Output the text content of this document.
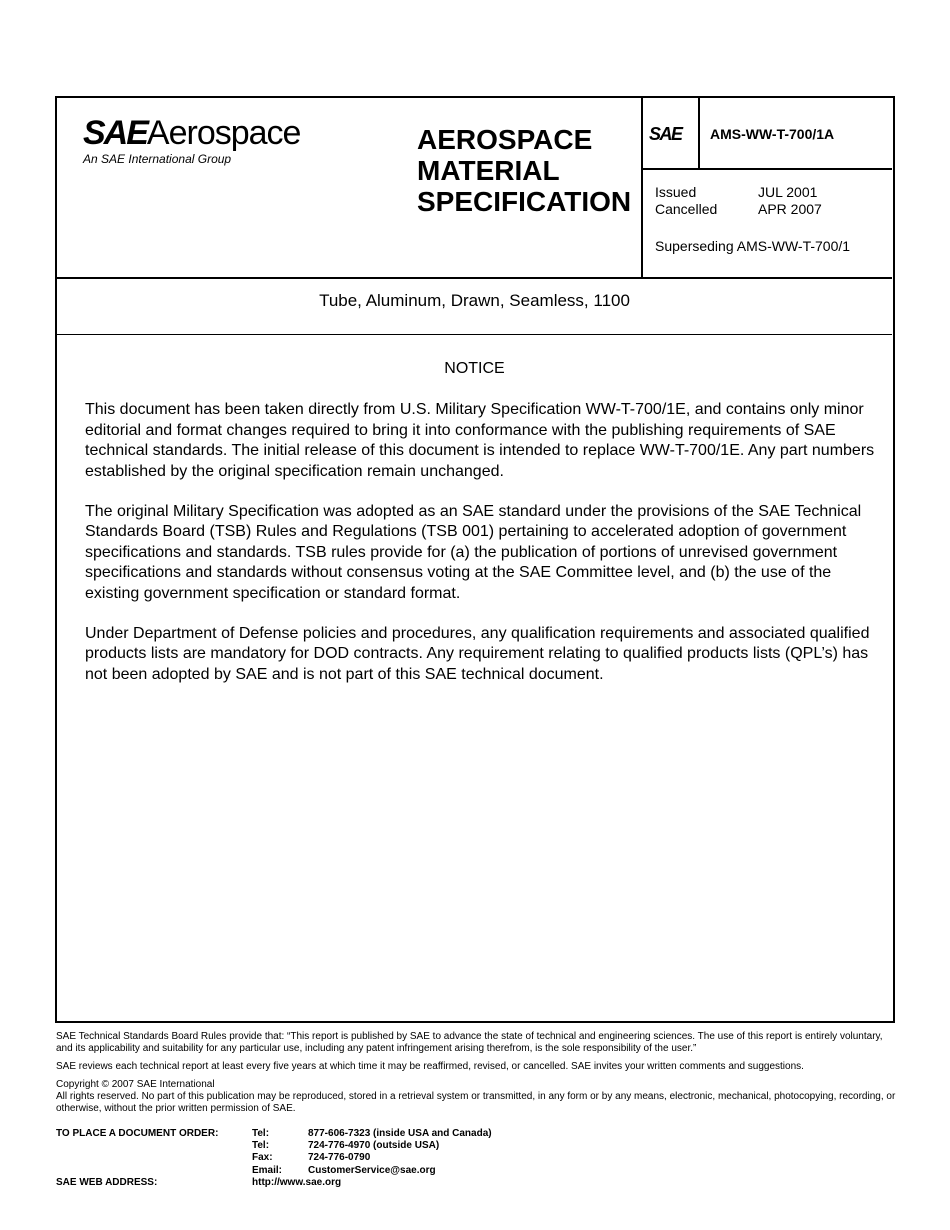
SAEAerospace
An SAE International Group
AEROSPACE
MATERIAL
SPECIFICATION
SAE AMS-WW-T-700/1A
Issued	JUL 2001
Cancelled	APR 2007
Superseding AMS-WW-T-700/1
Tube, Aluminum, Drawn, Seamless, 1100
NOTICE

This document has been taken directly from U.S. Military Specification WW-T-700/1E, and contains only minor editorial and format changes required to bring it into conformance with the publishing requirements of SAE technical standards. The initial release of this document is intended to replace WW-T-700/1E. Any part numbers established by the original specification remain unchanged.

The original Military Specification was adopted as an SAE standard under the provisions of the SAE Technical Standards Board (TSB) Rules and Regulations (TSB 001) pertaining to accelerated adoption of government specifications and standards. TSB rules provide for (a) the publication of portions of unrevised government specifications and standards without consensus voting at the SAE Committee level, and (b) the use of the existing government specification or standard format.

Under Department of Defense policies and procedures, any qualification requirements and associated qualified products lists are mandatory for DOD contracts. Any requirement relating to qualified products lists (QPL’s) has not been adopted by SAE and is not part of this SAE technical document.

SAE Technical Standards Board Rules provide that: “This report is published by SAE to advance the state of technical and engineering sciences. The use of this report is entirely voluntary, and its applicability and suitability for any particular use, including any patent infringement arising therefrom, is the sole responsibility of the user.”

SAE reviews each technical report at least every five years at which time it may be reaffirmed, revised, or cancelled. SAE invites your written comments and suggestions.

Copyright © 2007 SAE International
All rights reserved. No part of this publication may be reproduced, stored in a retrieval system or transmitted, in any form or by any means, electronic, mechanical, photocopying, recording, or otherwise, without the prior written permission of SAE.
TO PLACE A DOCUMENT ORDER:	Tel:	877-606-7323 (inside USA and Canada)
Tel:	724-776-4970 (outside USA)
Fax:	724-776-0790
Email:	CustomerService@sae.org
SAE WEB ADDRESS:	http://www.sae.org
